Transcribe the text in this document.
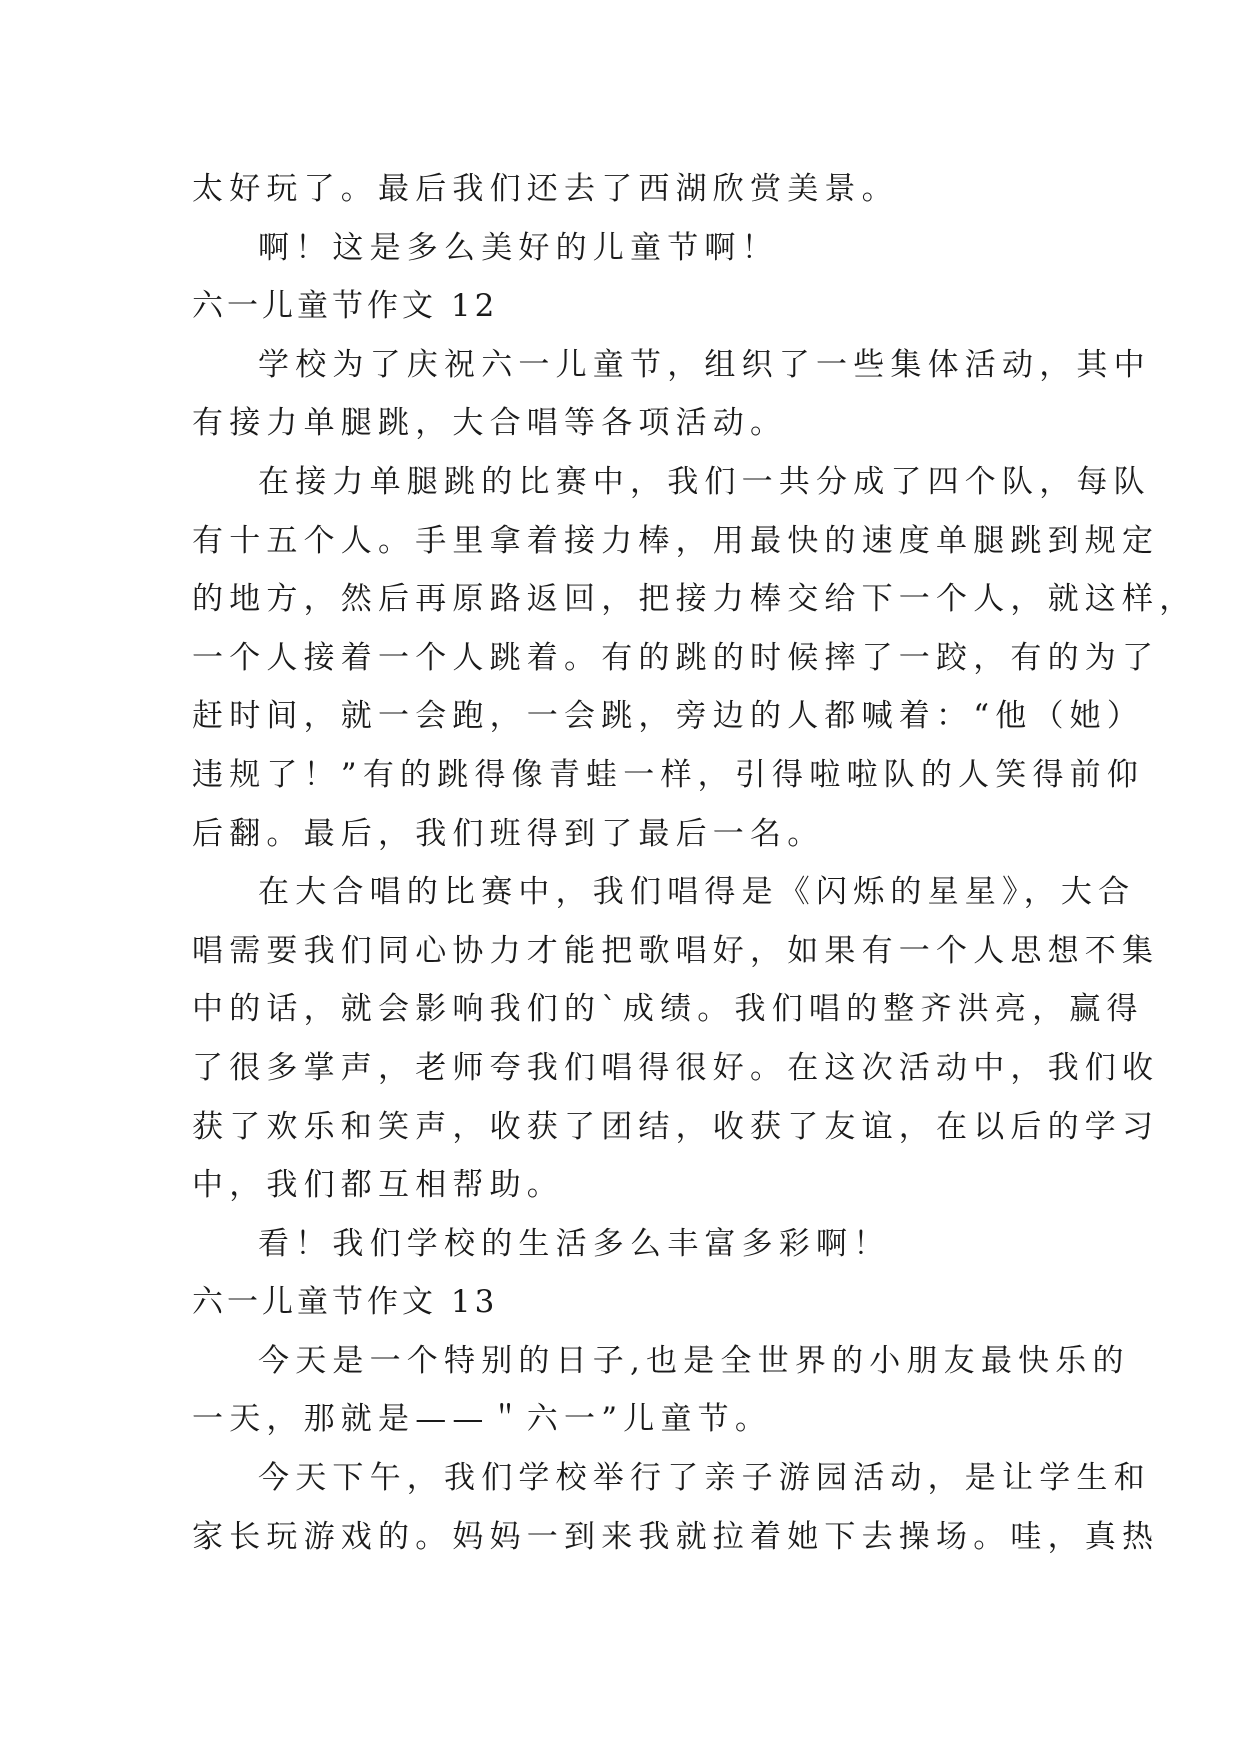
太好玩了。最后我们还去了西湖欣赏美景。
啊！这是多么美好的儿童节啊！
六一儿童节作文 12
学校为了庆祝六一儿童节，组织了一些集体活动，其中
有接力单腿跳，大合唱等各项活动。
在接力单腿跳的比赛中，我们一共分成了四个队，每队
有十五个人。手里拿着接力棒，用最快的速度单腿跳到规定
的地方，然后再原路返回，把接力棒交给下一个人，就这样，
一个人接着一个人跳着。有的跳的时候摔了一跤，有的为了
赶时间，就一会跑，一会跳，旁边的人都喊着：“他（她）
违规了！”有的跳得像青蛙一样，引得啦啦队的人笑得前仰
后翻。最后，我们班得到了最后一名。
在大合唱的比赛中，我们唱得是《闪烁的星星》，大合
唱需要我们同心协力才能把歌唱好，如果有一个人思想不集
中的话，就会影响我们的`成绩。我们唱的整齐洪亮，赢得
了很多掌声，老师夸我们唱得很好。在这次活动中，我们收
获了欢乐和笑声，收获了团结，收获了友谊，在以后的学习
中，我们都互相帮助。
看！我们学校的生活多么丰富多彩啊！
六一儿童节作文 13
今天是一个特别的日子,也是全世界的小朋友最快乐的
一天，那就是——＂六一”儿童节。
今天下午，我们学校举行了亲子游园活动，是让学生和
家长玩游戏的。妈妈一到来我就拉着她下去操场。哇，真热
